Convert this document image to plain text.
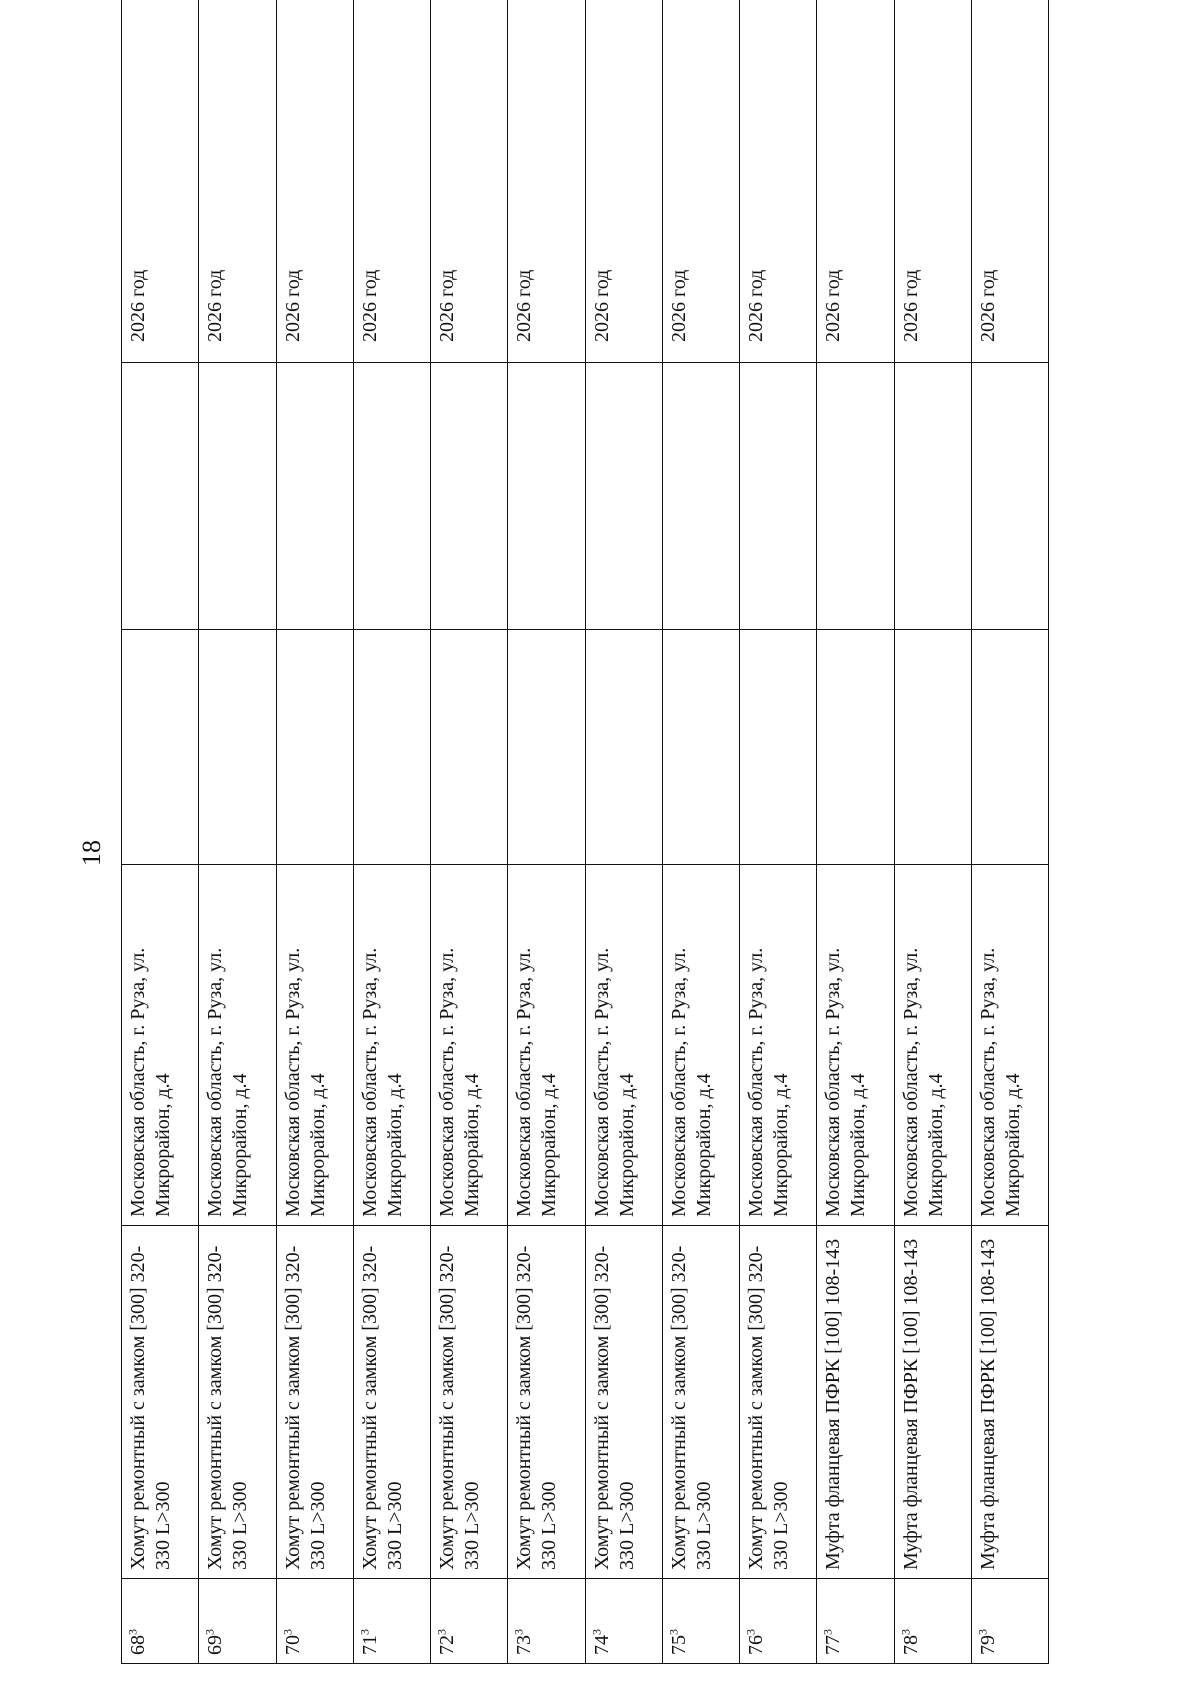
18
$68^3$	Хомут ремонтный с замком [300] 320-330 L>300	Московская область, г. Руза, ул. Микрорайон, д.4			2026 год
$69^3$	Хомут ремонтный с замком [300] 320-330 L>300	Московская область, г. Руза, ул. Микрорайон, д.4			2026 год
$70^3$	Хомут ремонтный с замком [300] 320-330 L>300	Московская область, г. Руза, ул. Микрорайон, д.4			2026 год
$71^3$	Хомут ремонтный с замком [300] 320-330 L>300	Московская область, г. Руза, ул. Микрорайон, д.4			2026 год
$72^3$	Хомут ремонтный с замком [300] 320-330 L>300	Московская область, г. Руза, ул. Микрорайон, д.4			2026 год
$73^3$	Хомут ремонтный с замком [300] 320-330 L>300	Московская область, г. Руза, ул. Микрорайон, д.4			2026 год
$74^3$	Хомут ремонтный с замком [300] 320-330 L>300	Московская область, г. Руза, ул. Микрорайон, д.4			2026 год
$75^3$	Хомут ремонтный с замком [300] 320-330 L>300	Московская область, г. Руза, ул. Микрорайон, д.4			2026 год
$76^3$	Хомут ремонтный с замком [300] 320-330 L>300	Московская область, г. Руза, ул. Микрорайон, д.4			2026 год
$77^3$	Муфта фланцевая ПФРК [100] 108-143	Московская область, г. Руза, ул. Микрорайон, д.4			2026 год
$78^3$	Муфта фланцевая ПФРК [100] 108-143	Московская область, г. Руза, ул. Микрорайон, д.4			2026 год
$79^3$	Муфта фланцевая ПФРК [100] 108-143	Московская область, г. Руза, ул. Микрорайон, д.4			2026 год
